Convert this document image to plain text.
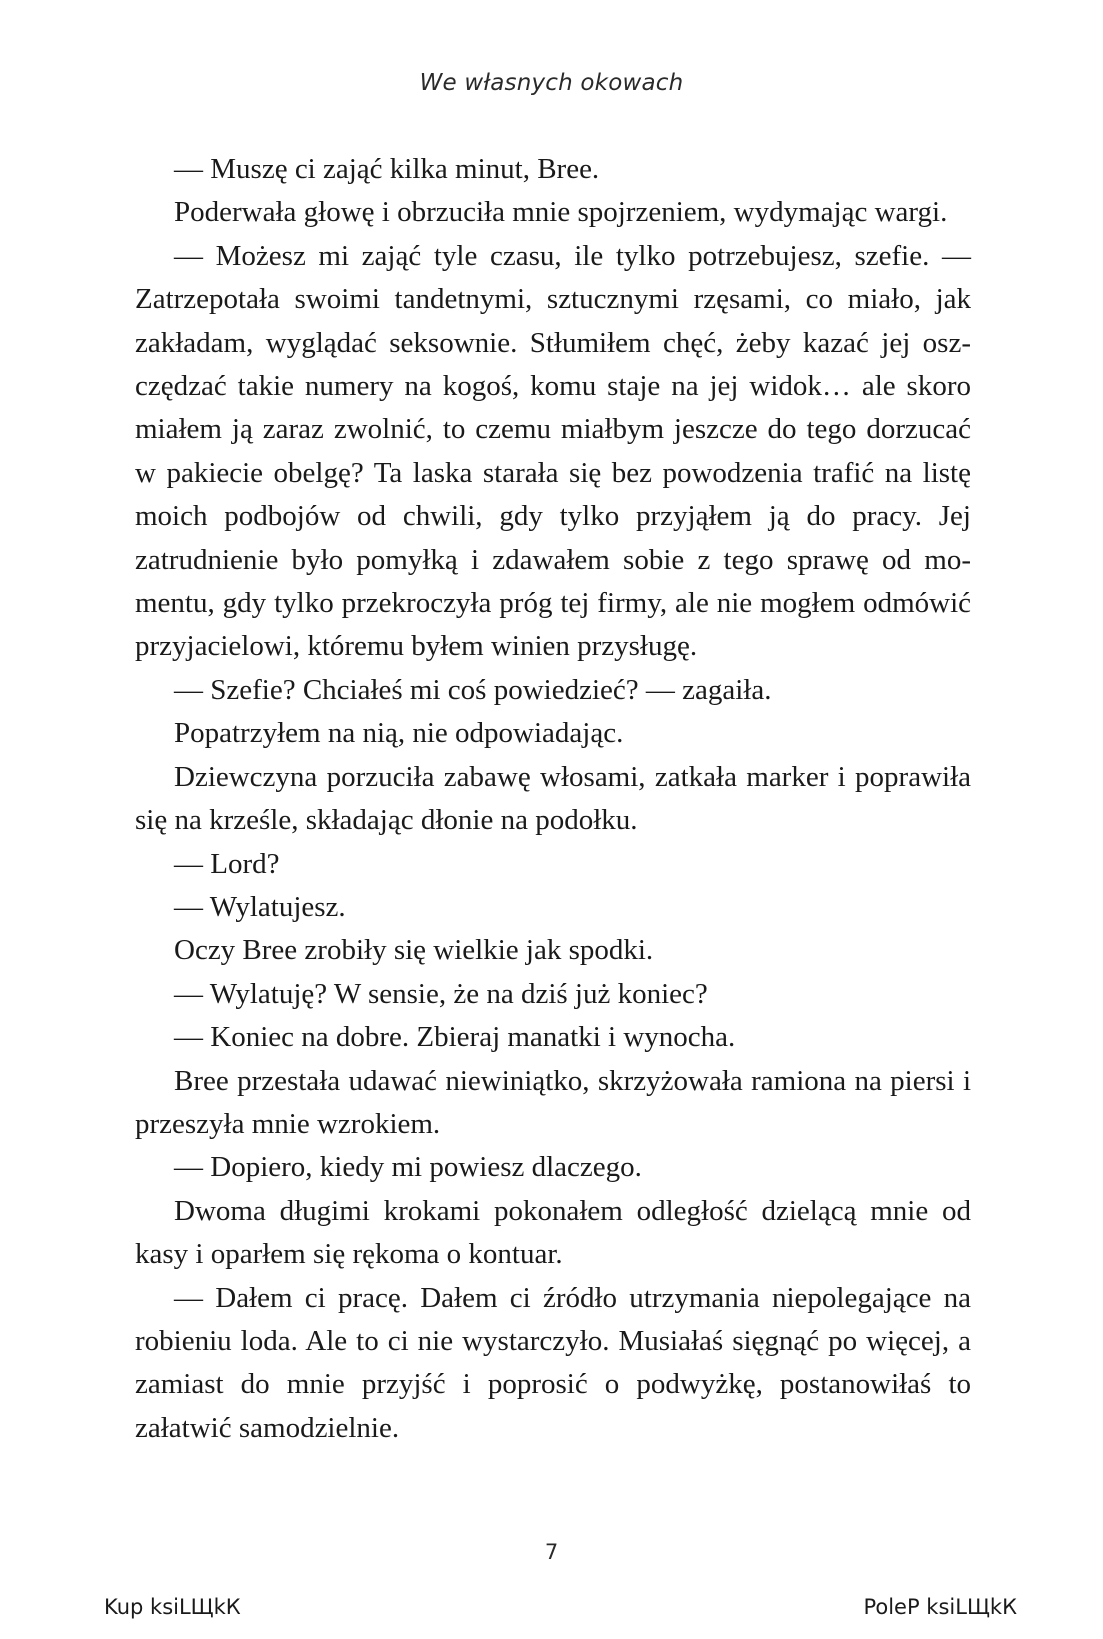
We własnych okowach

— Muszę ci zająć kilka minut, Bree.

Poderwała głowę i obrzuciła mnie spojrzeniem, wydymając wargi.

— Możesz mi zająć tyle czasu, ile tylko potrzebujesz, szefie. — Zatrzepotała swoimi tandetnymi, sztucznymi rzęsami, co miało, jak zakładam, wyglądać seksownie. Stłumiłem chęć, żeby kazać jej oszczędzać takie numery na kogoś, komu staje na jej widok… ale skoro miałem ją zaraz zwolnić, to czemu miałbym jeszcze do tego dorzucać w pakiecie obelgę? Ta laska starała się bez powodzenia trafić na listę moich podbojów od chwili, gdy tylko przyjąłem ją do pracy. Jej zatrudnienie było pomyłką i zdawałem sobie z tego sprawę od momentu, gdy tylko przekroczyła próg tej firmy, ale nie mogłem odmówić przyjacielowi, któremu byłem winien przysługę.

— Szefie? Chciałeś mi coś powiedzieć? — zagaiła.

Popatrzyłem na nią, nie odpowiadając.

Dziewczyna porzuciła zabawę włosami, zatkała marker i poprawiła się na krześle, składając dłonie na podołku.

— Lord?

— Wylatujesz.

Oczy Bree zrobiły się wielkie jak spodki.

— Wylatuję? W sensie, że na dziś już koniec?

— Koniec na dobre. Zbieraj manatki i wynocha.

Bree przestała udawać niewiniątko, skrzyżowała ramiona na piersi i przeszyła mnie wzrokiem.

— Dopiero, kiedy mi powiesz dlaczego.

Dwoma długimi krokami pokonałem odległość dzielącą mnie od kasy i oparłem się rękoma o kontuar.

— Dałem ci pracę. Dałem ci źródło utrzymania niepolegające na robieniu loda. Ale to ci nie wystarczyło. Musiałaś sięgnąć po więcej, a zamiast do mnie przyjść i poprosić o podwyżkę, postanowiłaś to załatwić samodzielnie.

7
Kup ksiLЩkК	PoleР ksiLЩkК
